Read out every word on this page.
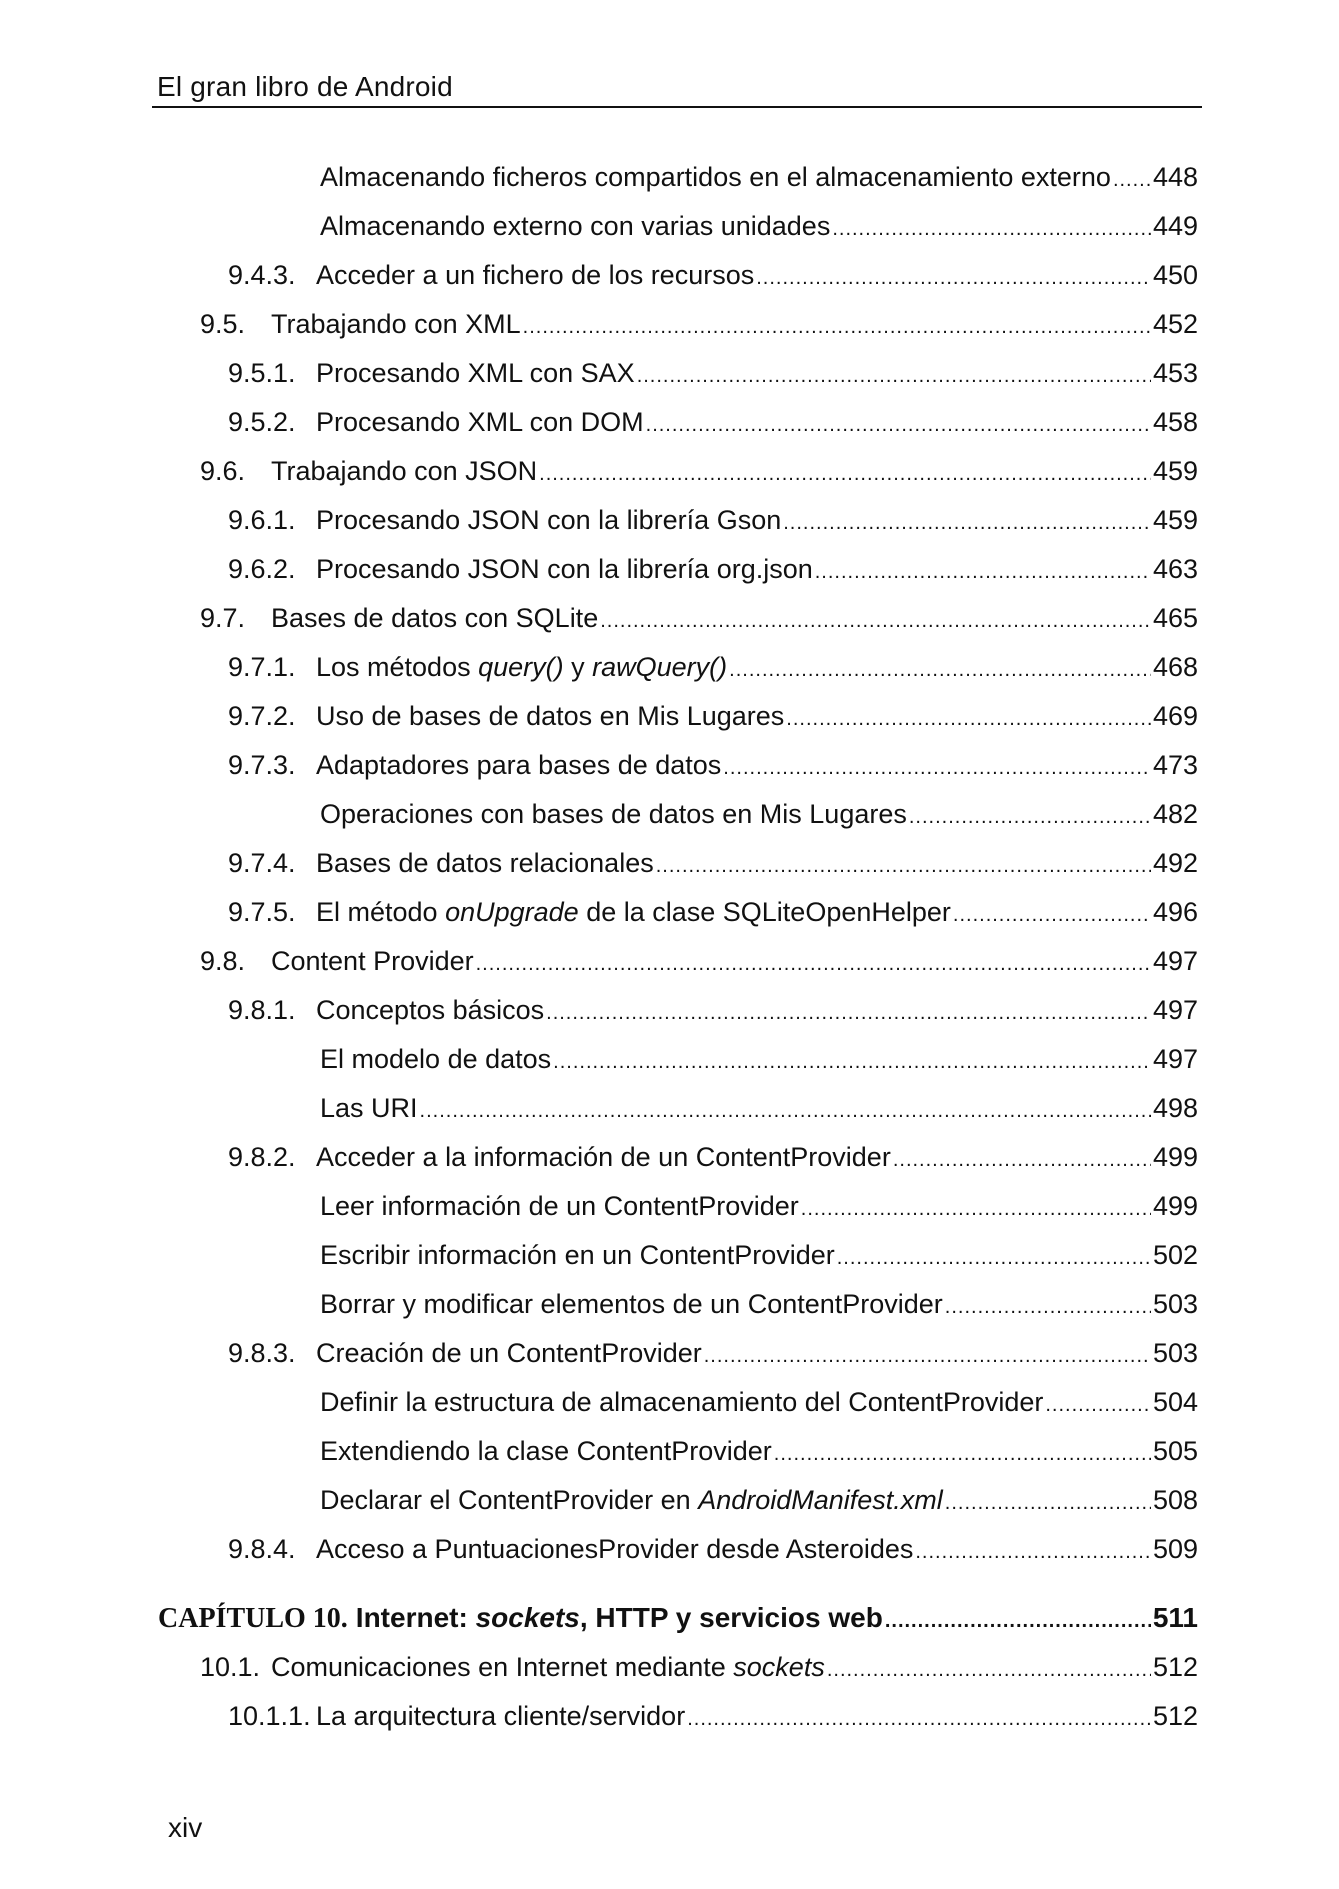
El gran libro de Android
Almacenando ficheros compartidos en el almacenamiento externo ..... 448
Almacenando externo con varias unidades .....	449
9.4.3. Acceder a un fichero de los recursos .....	450
9.5. Trabajando con XML .....	452
9.5.1. Procesando XML con SAX .....	453
9.5.2. Procesando XML con DOM .....	458
9.6. Trabajando con JSON .....	459
9.6.1. Procesando JSON con la librería Gson .....	459
9.6.2. Procesando JSON con la librería org.json .....	463
9.7. Bases de datos con SQLite .....	465
9.7.1. Los métodos query() y rawQuery() .....	468
9.7.2. Uso de bases de datos en Mis Lugares .....	469
9.7.3. Adaptadores para bases de datos .....	473
Operaciones con bases de datos en Mis Lugares .....	482
9.7.4. Bases de datos relacionales .....	492
9.7.5. El método onUpgrade de la clase SQLiteOpenHelper .....	496
9.8. Content Provider .....	497
9.8.1. Conceptos básicos .....	497
El modelo de datos .....	497
Las URI .....	498
9.8.2. Acceder a la información de un ContentProvider .....	499
Leer información de un ContentProvider .....	499
Escribir información en un ContentProvider .....	502
Borrar y modificar elementos de un ContentProvider .....	503
9.8.3. Creación de un ContentProvider .....	503
Definir la estructura de almacenamiento del ContentProvider .....	504
Extendiendo la clase ContentProvider .....	505
Declarar el ContentProvider en AndroidManifest.xml .....	508
9.8.4. Acceso a PuntuacionesProvider desde Asteroides .....	509
CAPÍTULO 10. Internet: sockets, HTTP y servicios web .....	511
10.1. Comunicaciones en Internet mediante sockets .....	512
10.1.1. La arquitectura cliente/servidor .....	512
xiv
